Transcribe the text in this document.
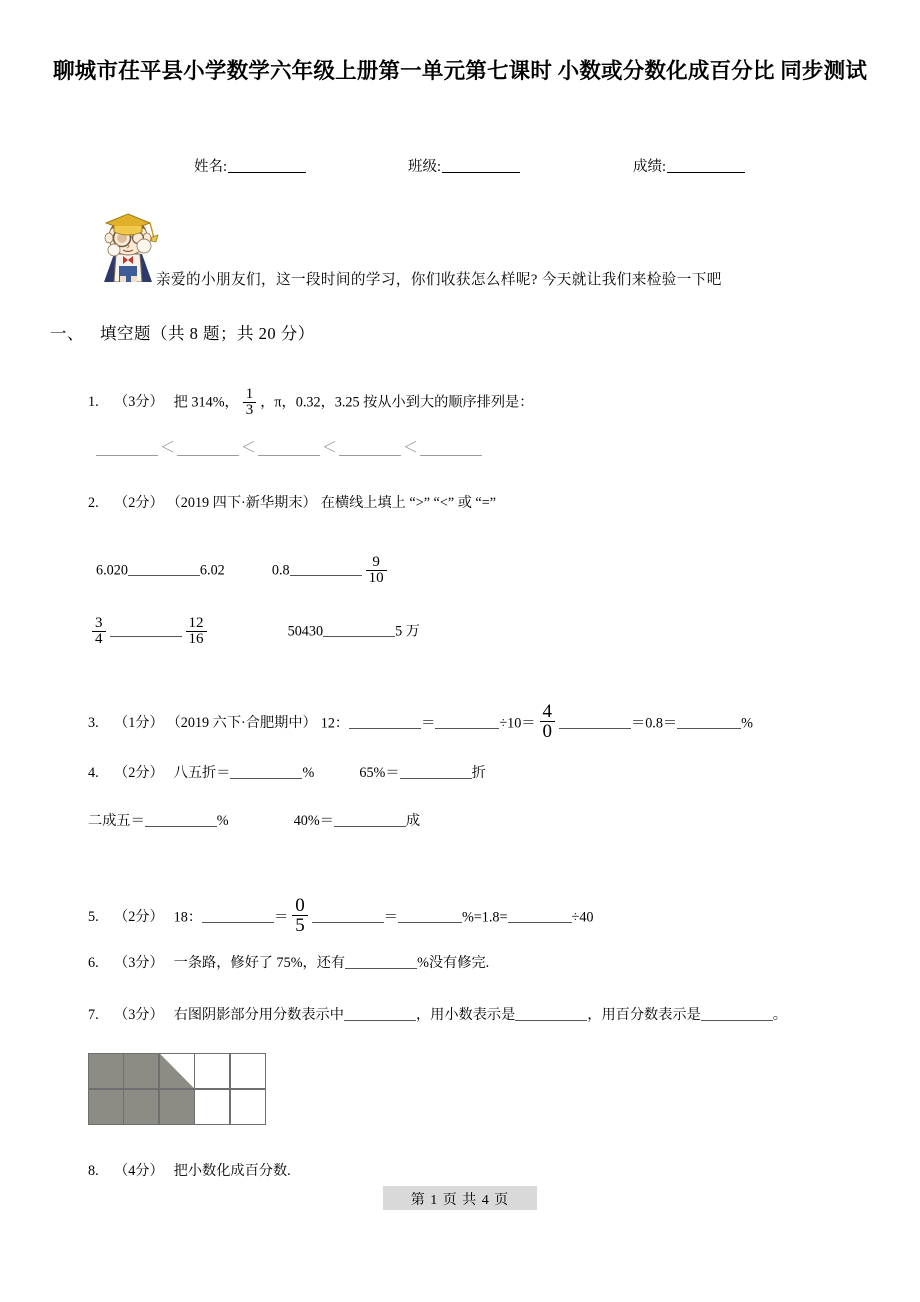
聊城市茌平县小学数学六年级上册第一单元第七课时 小数或分数化成百分比 同步测试
姓名:	班级:	成绩:
亲爱的小朋友们，这一段时间的学习，你们收获怎么样呢? 今天就让我们来检验一下吧
一、 填空题（共 8 题；共 20 分）
1. （3分） 把 314%， $\frac{1}{3}$ ，π，0.32，3.25 按从小到大的顺序排列是：
＜	＜	＜	＜
2. （2分） （2019 四下·新华期末） 在横线上填上 “>” “<” 或 “=”
6.020	6.02	0.8	$\frac{9}{10}$
$\frac{3}{4}$	$\frac{12}{16}$	50430	5 万
3. （1分） （2019 六下·合肥期中） 12：	＝	$\div 10= \frac{4}{0}$	＝0.8＝	%
4. （2分） 八五折＝	%	65%＝	折
二成五＝	%	40%＝	成
5. （2分） 18：	＝ $\frac{0}{5}$	＝	%=1.8=	÷40
6. （3分） 一条路，修好了 75%，还有	%没有修完.
7. （3分） 右图阴影部分用分数表示中	，用小数表示是	，用百分数表示是	。
8. （4分） 把小数化成百分数.
第 1 页 共 4 页
